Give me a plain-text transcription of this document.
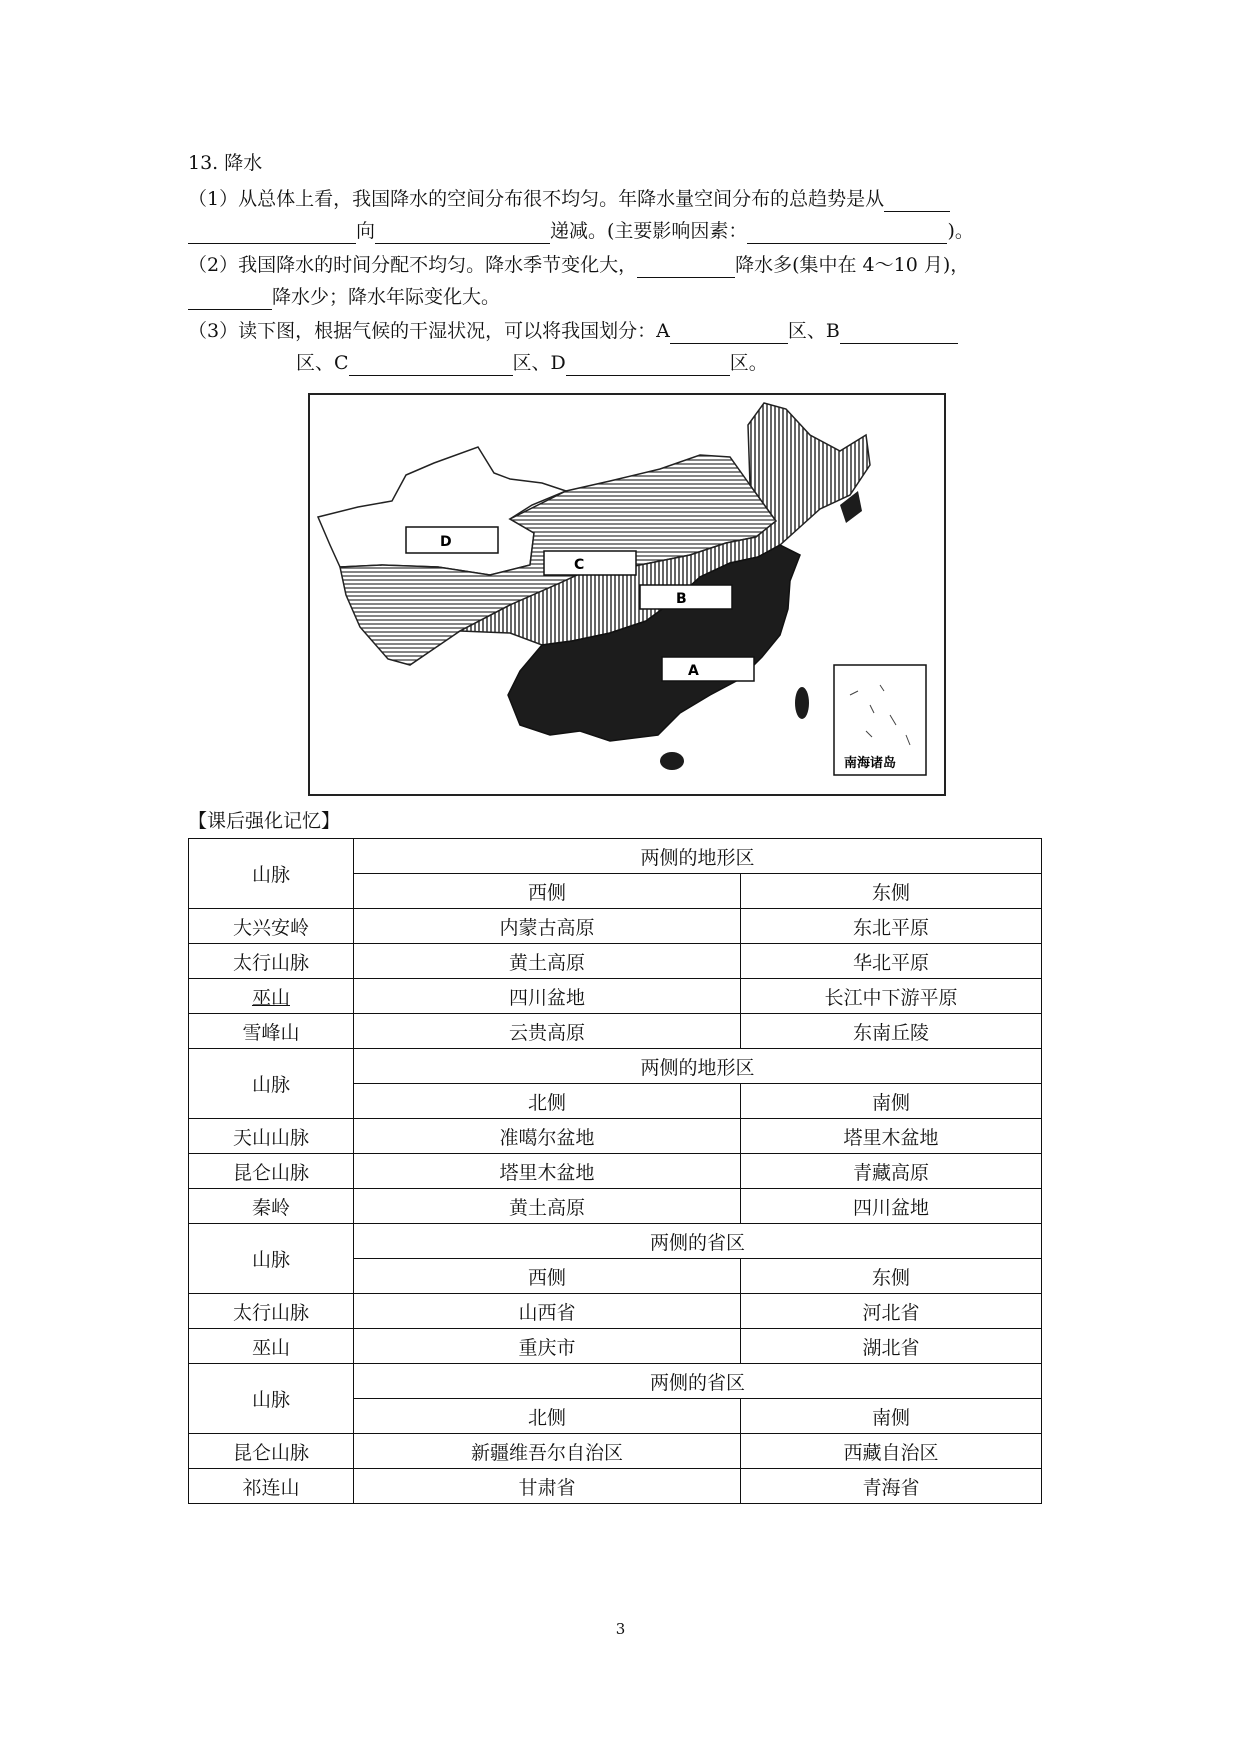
13. 降水
（1）从总体上看，我国降水的空间分布很不均匀。年降水量空间分布的总趋势是从
向	递减。(主要影响因素：	)。
（2）我国降水的时间分配不均匀。降水季节变化大，	降水多(集中在 4～10 月)，
降水少；降水年际变化大。
（3）读下图，根据气候的干湿状况，可以将我国划分：A	区、B
区、C	区、D	区。
D
C
B
A
南海诸岛
【课后强化记忆】
山脉	两侧的地形区	
	西侧	东侧
大兴安岭	内蒙古高原	东北平原
太行山脉	黄土高原	华北平原
巫山	四川盆地	长江中下游平原
雪峰山	云贵高原	东南丘陵
山脉	两侧的地形区	
	北侧	南侧
天山山脉	准噶尔盆地	塔里木盆地
昆仑山脉	塔里木盆地	青藏高原
秦岭	黄土高原	四川盆地
山脉	两侧的省区	
	西侧	东侧
太行山脉	山西省	河北省
巫山	重庆市	湖北省
山脉	两侧的省区	
	北侧	南侧
昆仑山脉	新疆维吾尔自治区	西藏自治区
祁连山	甘肃省	青海省
3
